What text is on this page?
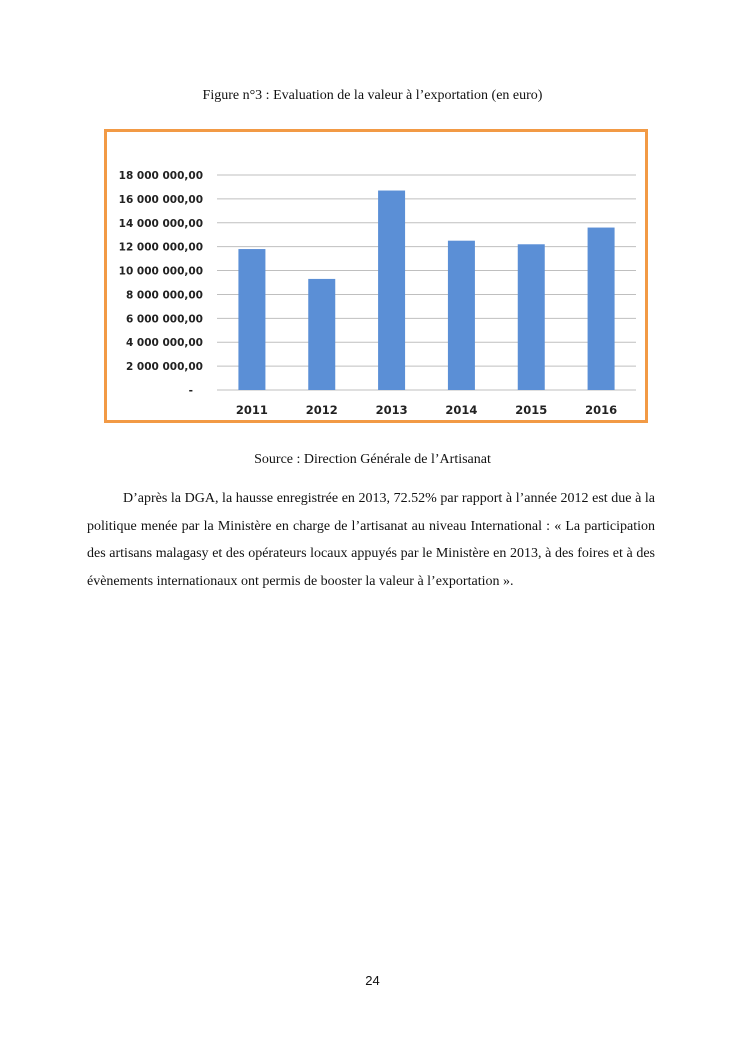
Figure n°3 : Evaluation de la valeur à l’exportation (en euro)
-
2 000 000,00
4 000 000,00
6 000 000,00
8 000 000,00
10 000 000,00
12 000 000,00
14 000 000,00
16 000 000,00
18 000 000,00
2011	2012	2013	2014	2015	2016
Source : Direction Générale de l’Artisanat

D’après la DGA, la hausse enregistrée en 2013, 72.52% par rapport à l’année 2012 est due à la politique menée par la Ministère en charge de l’artisanat au niveau International : « La participation des artisans malagasy et des opérateurs locaux appuyés par le Ministère en 2013, à des foires et à des évènements internationaux ont permis de booster la valeur à l’exportation ».

24
